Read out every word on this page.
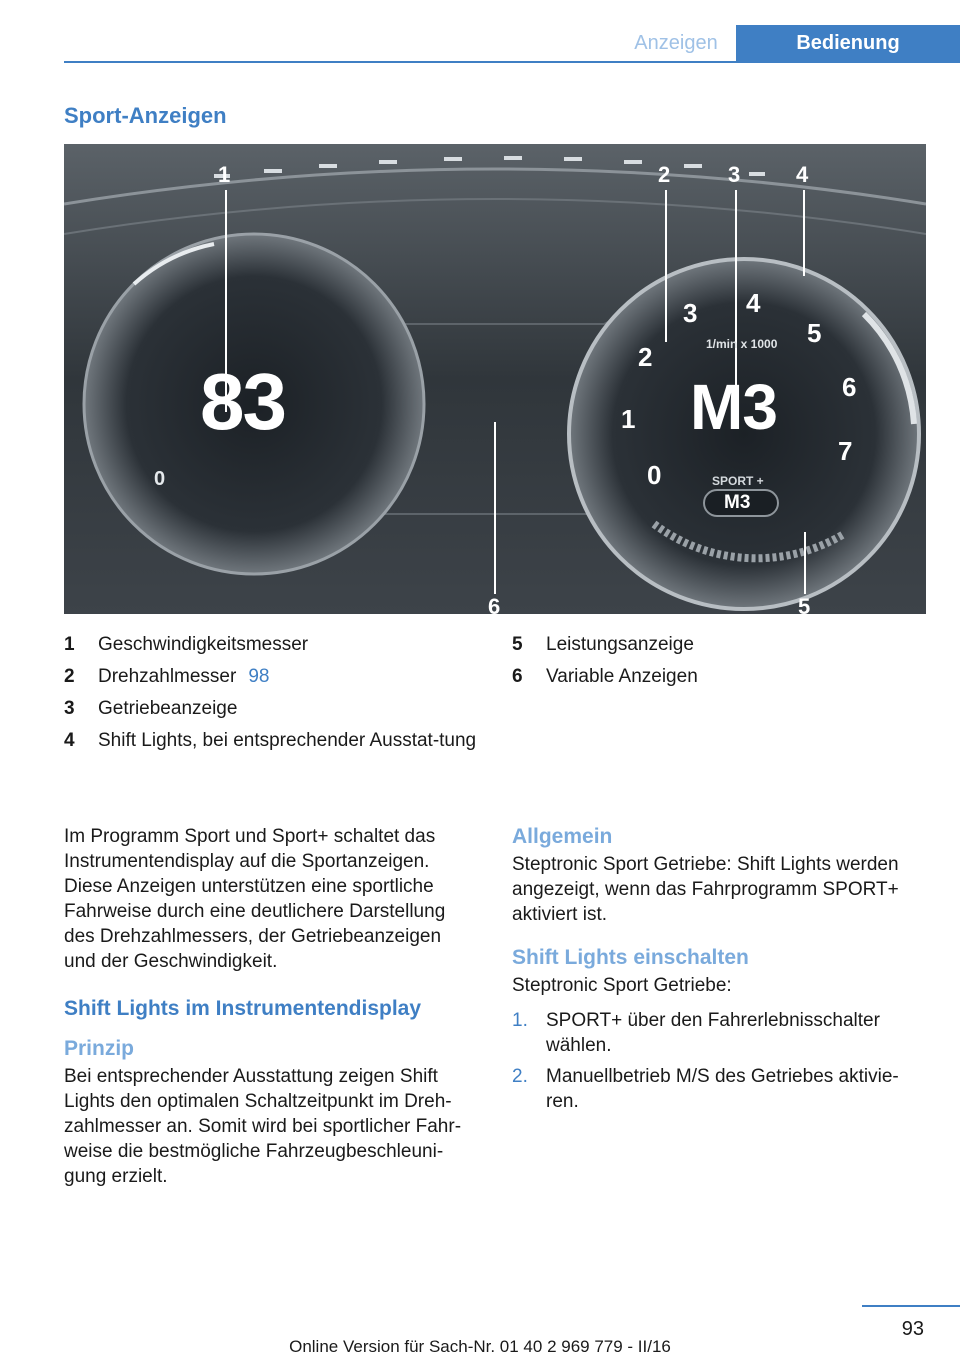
Anzeigen	Bedienung
Sport-Anzeigen
1	2	3	4
6	5
83
0	0
1
2
3 4
5
6
7
1/min x 1000
M3
SPORT +
M3
1 Geschwindigkeitsmesser
2 Drehzahlmesser 98
3 Getriebeanzeige
4 Shift Lights, bei entsprechender Ausstat‐tung
5 Leistungsanzeige
6 Variable Anzeigen

Im Programm Sport und Sport+ schaltet das Instrumentendisplay auf die Sportanzeigen. Diese Anzeigen unterstützen eine sportliche Fahrweise durch eine deutlichere Darstellung des Drehzahlmessers, der Getriebeanzeigen und der Geschwindigkeit.

Shift Lights im Instrumentendisplay
Prinzip

Bei entsprechender Ausstattung zeigen Shift Lights den optimalen Schaltzeitpunkt im Dreh‐zahlmesser an. Somit wird bei sportlicher Fahr‐weise die bestmögliche Fahrzeugbeschleuni‐gung erzielt.

Allgemein

Steptronic Sport Getriebe: Shift Lights werden angezeigt, wenn das Fahrprogramm SPORT+ aktiviert ist.

Shift Lights einschalten

Steptronic Sport Getriebe:

1. SPORT+ über den Fahrerlebnisschalter wählen.
2. Manuellbetrieb M/S des Getriebes aktivie‐ren.
93
Online Version für Sach-Nr. 01 40 2 969 779 - II/16
